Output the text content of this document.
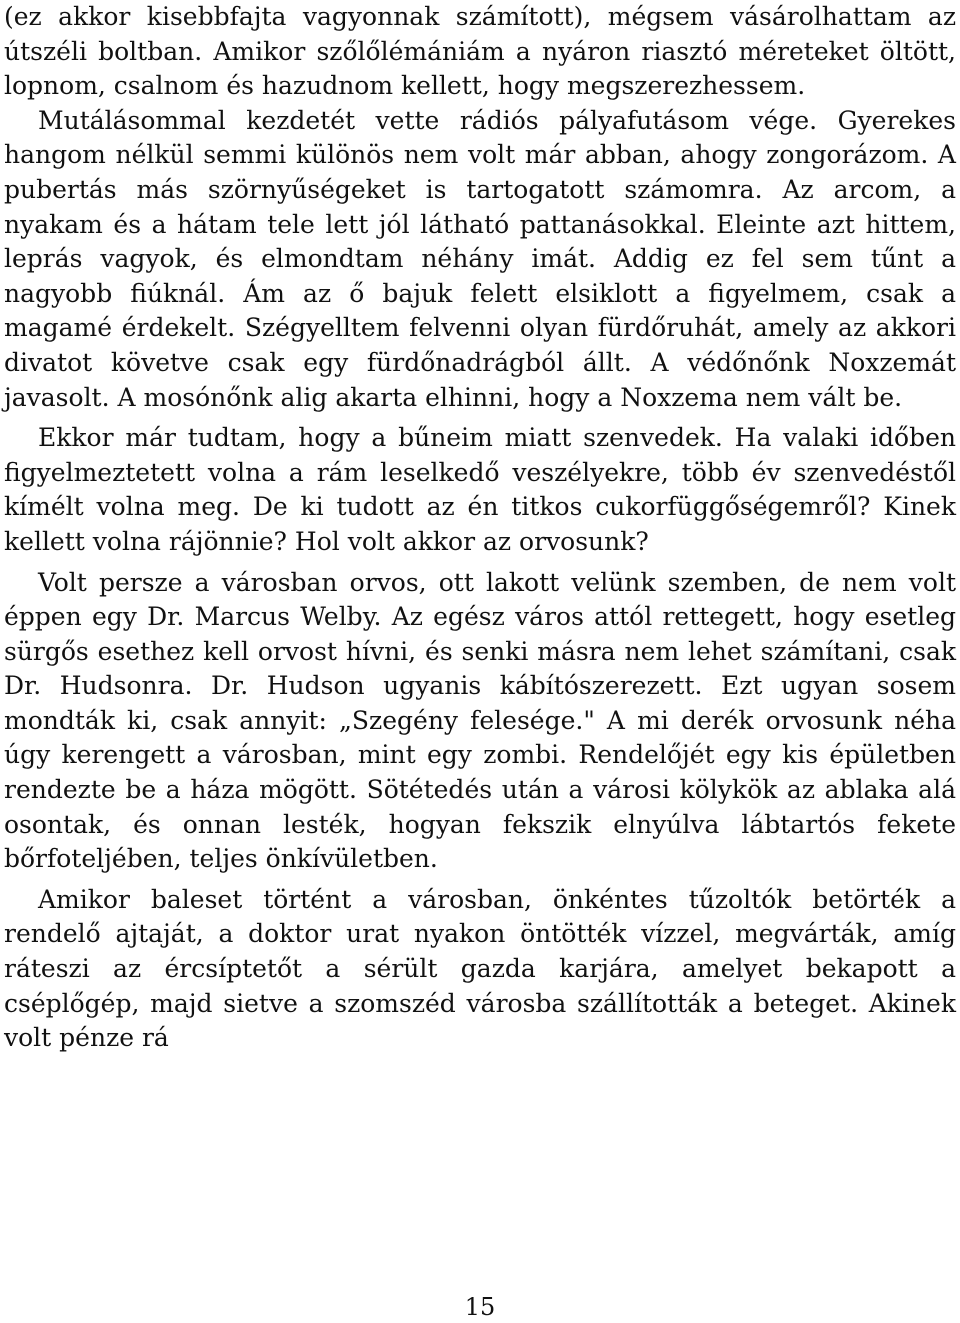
(ez akkor kisebbfajta vagyonnak számított), mégsem vásárolhattam az útszéli boltban. Amikor szőlőlémániám a nyáron riasztó méreteket öltött, lopnom, csalnom és hazudnom kellett, hogy megszerezhessem.

Mutálásommal kezdetét vette rádiós pályafutásom vége. Gyerekes hangom nélkül semmi különös nem volt már abban, ahogy zongorázom. A pubertás más szörnyűségeket is tartogatott számomra. Az arcom, a nyakam és a hátam tele lett jól látható pattanásokkal. Eleinte azt hittem, leprás vagyok, és elmondtam néhány imát. Addig ez fel sem tűnt a nagyobb fiúknál. Ám az ő bajuk felett elsiklott a figyelmem, csak a magamé érdekelt. Szégyelltem felvenni olyan fürdőruhát, amely az akkori divatot követve csak egy fürdőnadrágból állt. A védőnőnk Noxzemát javasolt. A mosónőnk alig akarta elhinni, hogy a Noxzema nem vált be.

Ekkor már tudtam, hogy a bűneim miatt szenvedek. Ha valaki időben figyelmeztetett volna a rám leselkedő veszélyekre, több év szenvedéstől kímélt volna meg. De ki tudott az én titkos cukorfüggőségemről? Kinek kellett volna rájönnie? Hol volt akkor az orvosunk?

Volt persze a városban orvos, ott lakott velünk szemben, de nem volt éppen egy Dr. Marcus Welby. Az egész város attól rettegett, hogy esetleg sürgős esethez kell orvost hívni, és senki másra nem lehet számítani, csak Dr. Hudsonra. Dr. Hudson ugyanis kábítószerezett. Ezt ugyan sosem mondták ki, csak annyit: „Szegény felesége." A mi derék orvosunk néha úgy kerengett a városban, mint egy zombi. Rendelőjét egy kis épületben rendezte be a háza mögött. Sötétedés után a városi kölykök az ablaka alá osontak, és onnan lesték, hogyan fekszik elnyúlva lábtartós fekete bőrfoteljében, teljes önkívületben.

Amikor baleset történt a városban, önkéntes tűzoltók betörték a rendelő ajtaját, a doktor urat nyakon öntötték vízzel, megvárták, amíg ráteszi az ércsíptetőt a sérült gazda karjára, amelyet bekapott a cséplőgép, majd sietve a szomszéd városba szállították a beteget. Akinek volt pénze rá

15
